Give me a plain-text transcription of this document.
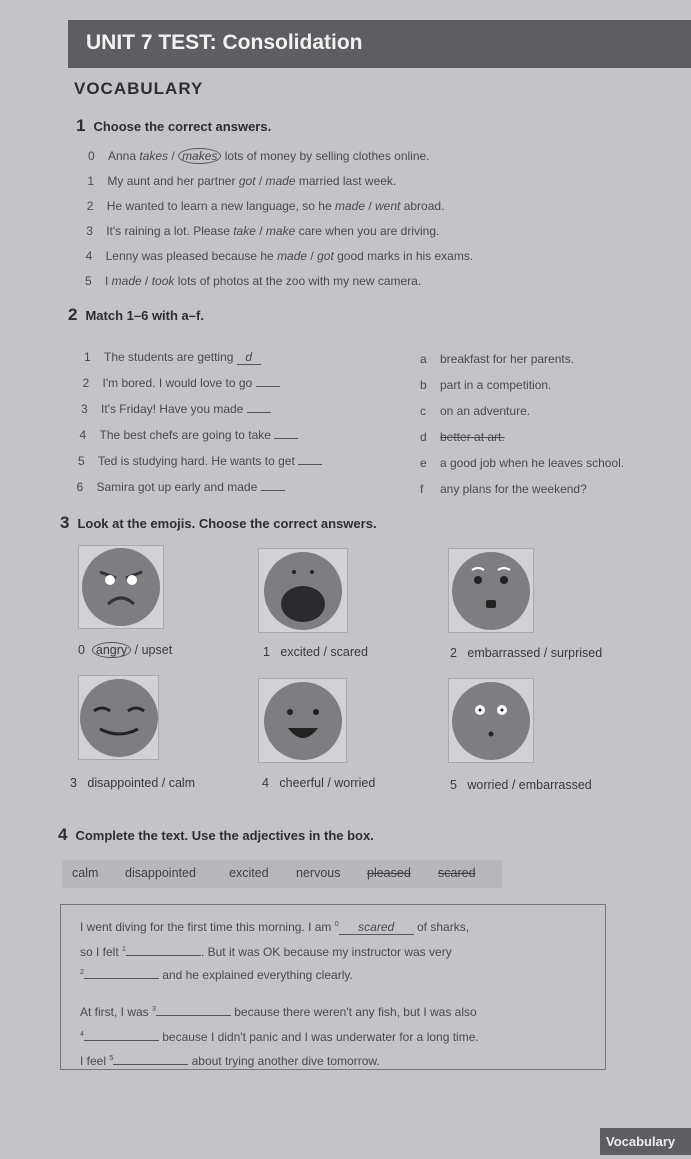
UNIT 7 TEST: Consolidation
VOCABULARY
1 Choose the correct answers.
0 Anna takes / makes lots of money by selling clothes online.
1 My aunt and her partner got / made married last week.
2 He wanted to learn a new language, so he made / went abroad.
3 It's raining a lot. Please take / make care when you are driving.
4 Lenny was pleased because he made / got good marks in his exams.
5 I made / took lots of photos at the zoo with my new camera.
2 Match 1–6 with a–f.
1 The students are getting d
2 I'm bored. I would love to go
3 It's Friday! Have you made
4 The best chefs are going to take
5 Ted is studying hard. He wants to get
6 Samira got up early and made
a breakfast for her parents.
b part in a competition.
c on an adventure.
d better at art.
e a good job when he leaves school.
f any plans for the weekend?
3 Look at the emojis. Choose the correct answers.
0 angry / upset	1 excited / scared	2 embarrassed / surprised
3 disappointed / calm	4 cheerful / worried	5 worried / embarrassed
4 Complete the text. Use the adjectives in the box.
calm disappointed	excited nervous pleased scared
I went diving for the first time this morning. I am $^0$ scared of sharks,
so I felt $^1$	. But it was OK because my instructor was very
$^2$	and he explained everything clearly.
At first, I was $^3$	because there weren't any fish, but I was also
$^4$	because I didn't panic and I was underwater for a long time.
I feel $^5$	about trying another dive tomorrow.
Vocabulary
